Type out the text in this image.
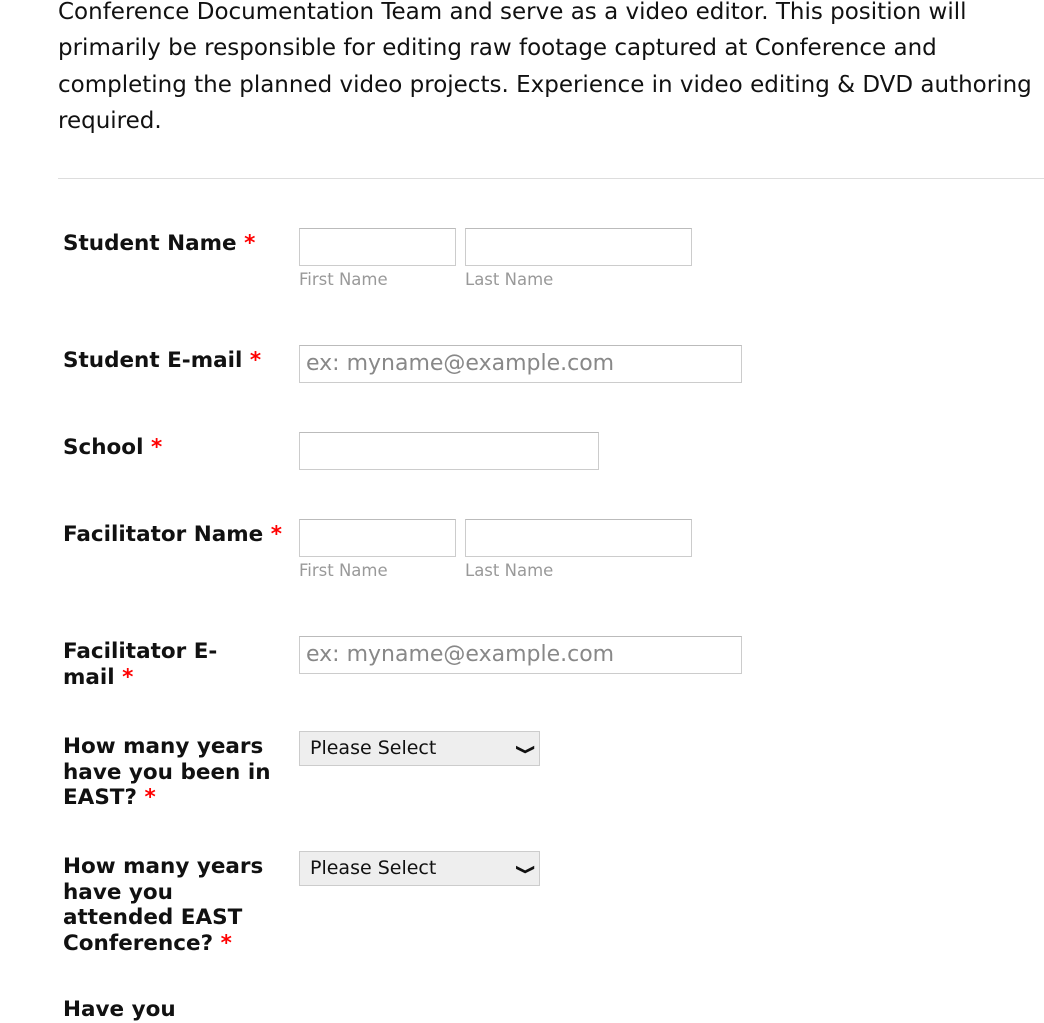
Conference Documentation Team and serve as a video editor. This position will primarily be responsible for editing raw footage captured at Conference and completing the planned video projects. Experience in video editing & DVD authoring required.

Student Name *
First Name	Last Name
Student E-mail *	ex: myname@example.com
School *
Facilitator Name *
First Name	Last Name
Facilitator E-mail *
ex: myname@example.com
How many years have you been in EAST? *
Please Select	❯
How many years have you attended EAST Conference? *
Please Select	❯
Have you
